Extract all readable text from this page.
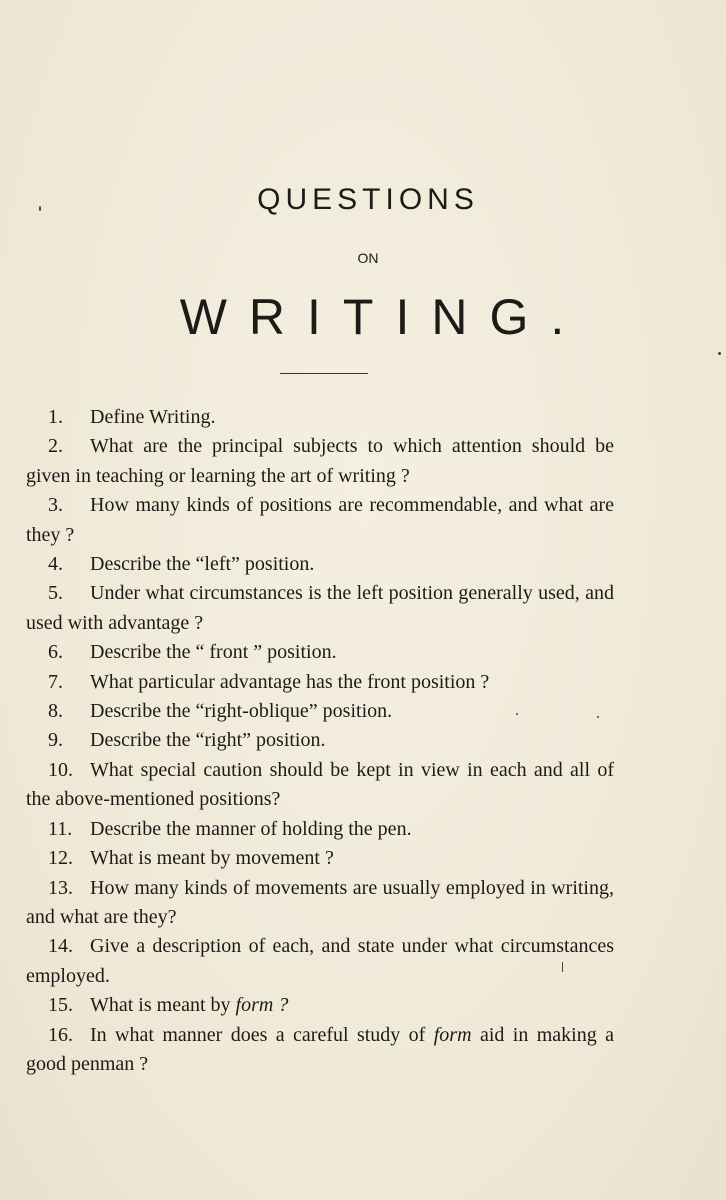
QUESTIONS
ON
WRITING.

1. Define Writing.

2. What are the principal subjects to which attention should be given in teaching or learning the art of writing ?

3. How many kinds of positions are recommendable, and what are they ?

4. Describe the “left” position.

5. Under what circumstances is the left position generally used, and used with advantage ?

6. Describe the “ front ” position.

7. What particular advantage has the front position ?

8. Describe the “right-oblique” position.

9. Describe the “right” position.

10. What special caution should be kept in view in each and all of the above-mentioned positions?

11. Describe the manner of holding the pen.

12. What is meant by movement ?

13. How many kinds of movements are usually employed in writing, and what are they?

14. Give a description of each, and state under what circumstances employed.

15. What is meant by form ?

16. In what manner does a careful study of form aid in making a good penman ?
